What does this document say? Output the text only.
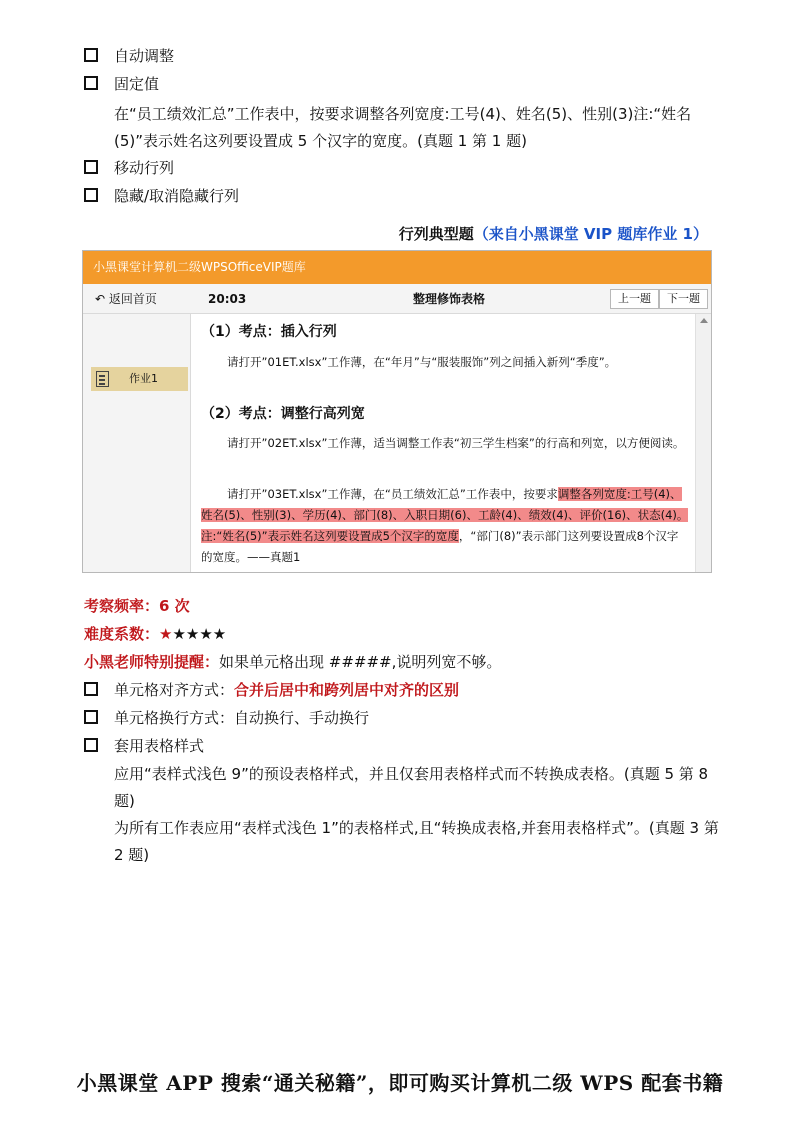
自动调整
固定值
在“员工绩效汇总”工作表中，按要求调整各列宽度:工号(4)、姓名(5)、性别(3)注:“姓名(5)”表示姓名这列要设置成 5 个汉字的宽度。(真题 1 第 1 题)
移动行列
隐藏/取消隐藏行列
行列典型题（来自小黑课堂 VIP 题库作业 1）
小黑课堂计算机二级WPSOfficeVIP题库
↶ 返回首页	20:03	整理修饰表格	上一题	下一题
作业1
（1）考点：插入行列
请打开”01ET.xlsx”工作薄，在“年月”与“服装服饰”列之间插入新列“季度”。
（2）考点：调整行高列宽
请打开”02ET.xlsx”工作薄，适当调整工作表“初三学生档案”的行高和列宽，以方便阅读。
请打开”03ET.xlsx”工作薄，在“员工绩效汇总”工作表中，按要求调整各列宽度:工号(4)、姓名(5)、性别(3)、学历(4)、部门(8)、入职日期(6)、工龄(4)、绩效(4)、评价(16)、状态(4)。注:“姓名(5)”表示姓名这列要设置成5个汉字的宽度，“部门(8)”表示部门这列要设置成8个汉字的宽度。——真题1
考察频率：6 次
难度系数：★★★★★
小黑老师特别提醒：如果单元格出现 #####,说明列宽不够。
单元格对齐方式：合并后居中和跨列居中对齐的区别
单元格换行方式：自动换行、手动换行
套用表格样式
应用“表样式浅色 9”的预设表格样式，并且仅套用表格样式而不转换成表格。(真题 5 第 8 题)
为所有工作表应用“表样式浅色 1”的表格样式,且“转换成表格,并套用表格样式”。(真题 3 第 2 题)
小黑课堂 APP 搜索“通关秘籍”，即可购买计算机二级 WPS 配套书籍
